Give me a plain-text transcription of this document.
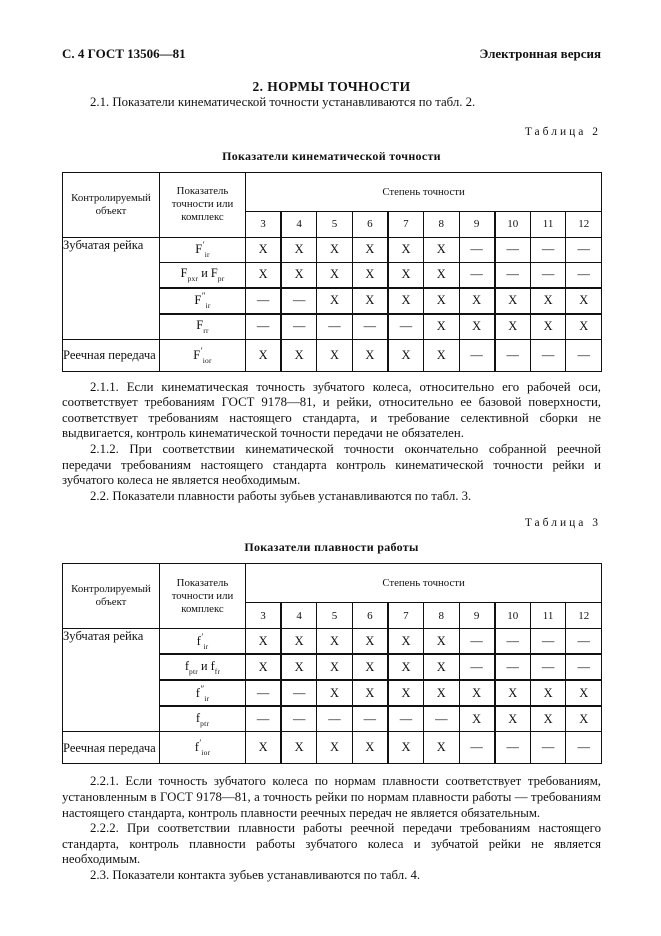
С. 4 ГОСТ 13506—81	Электронная версия
2. НОРМЫ ТОЧНОСТИ

2.1. Показатели кинематической точности устанавливаются по табл. 2.

Таблица 2
Показатели кинематической точности
Контролируемый объект	Показатель точности или комплекс	Степень точности									
		3	4	5	6	7	8	9	10	11	12
Зубчатая рейка	$F'_{ir}$	X	X	X	X	X	X	—	—	—	—
	$F_{pxr}$ и $F_{pr}$	X	X	X	X	X	X	—	—	—	—
	$F''_{ir}$	—	—	X	X	X	X	X	X	X	X
	$F_{rr}$	—	—	—	—	—	X	X	X	X	X
Реечная передача	$F'_{ior}$	X	X	X	X	X	X	—	—	—	—

2.1.1. Если кинематическая точность зубчатого колеса, относительно его рабочей оси, соответствует требованиям ГОСТ 9178—81, и рейки, относительно ее базовой поверхности, соответствует требованиям настоящего стандарта, и требование селективной сборки не выдвигается, контроль кинематической точности передачи не обязателен.

2.1.2. При соответствии кинематической точности окончательно собранной реечной передачи требованиям настоящего стандарта контроль кинематической точности рейки и зубчатого колеса не является необходимым.

2.2. Показатели плавности работы зубьев устанавливаются по табл. 3.

Таблица 3
Показатели плавности работы
Контролируемый объект	Показатель точности или комплекс	Степень точности									
		3	4	5	6	7	8	9	10	11	12
Зубчатая рейка	$f'_{ir}$	X	X	X	X	X	X	—	—	—	—
	$f_{ptr}$ и $f_{fr}$	X	X	X	X	X	X	—	—	—	—
	$f''_{ir}$	—	—	X	X	X	X	X	X	X	X
	$f_{ptr}$	—	—	—	—	—	—	X	X	X	X
Реечная передача	$f'_{ior}$	X	X	X	X	X	X	—	—	—	—

2.2.1. Если точность зубчатого колеса по нормам плавности соответствует требованиям, установленным в ГОСТ 9178—81, а точность рейки по нормам плавности работы — требованиям настоящего стандарта, контроль плавности реечных передач не является обязательным.

2.2.2. При соответствии плавности работы реечной передачи требованиям настоящего стандарта, контроль плавности работы зубчатого колеса и зубчатой рейки не является необходимым.

2.3. Показатели контакта зубьев устанавливаются по табл. 4.
